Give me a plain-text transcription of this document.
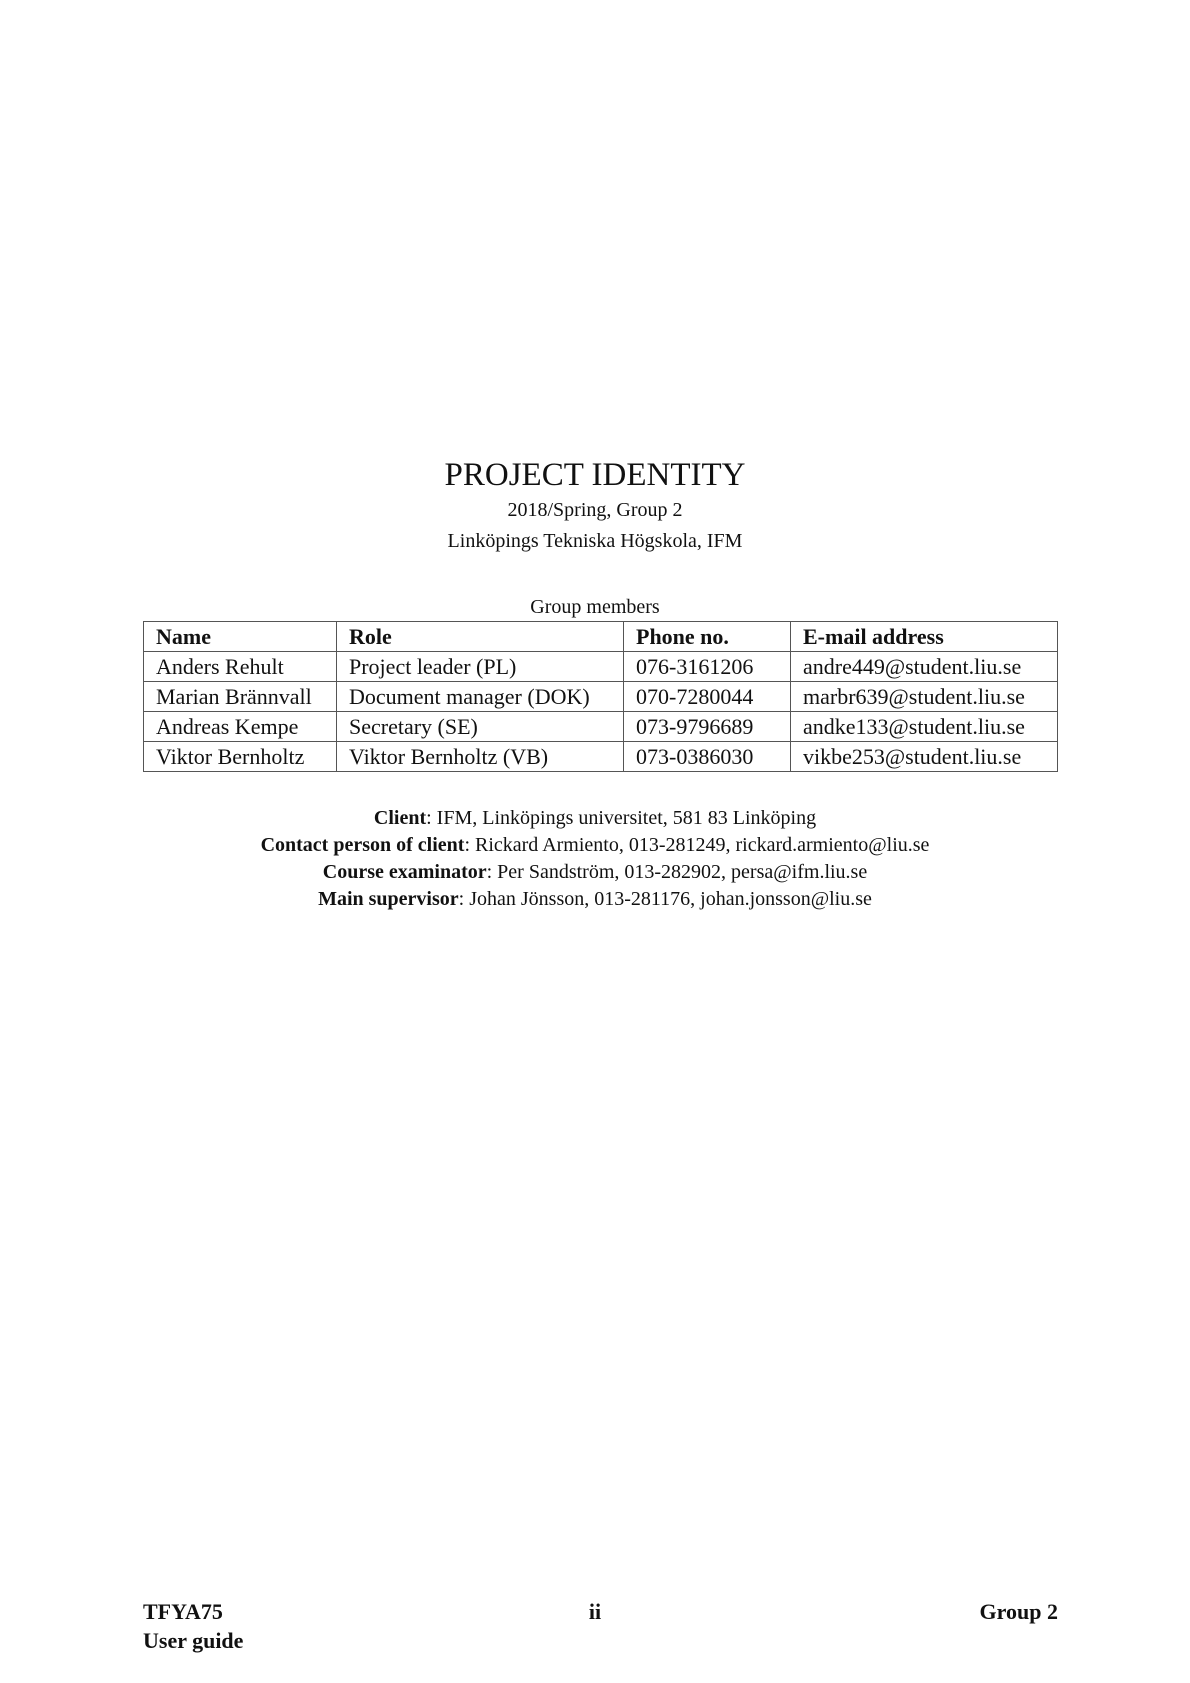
PROJECT IDENTITY
2018/Spring, Group 2
Linköpings Tekniska Högskola, IFM
Group members
Name	Role	Phone no.	E-mail address
Anders Rehult	Project leader (PL)	076-3161206	andre449@student.liu.se
Marian Brännvall	Document manager (DOK)	070-7280044	marbr639@student.liu.se
Andreas Kempe	Secretary (SE)	073-9796689	andke133@student.liu.se
Viktor Bernholtz	Viktor Bernholtz (VB)	073-0386030	vikbe253@student.liu.se
Client: IFM, Linköpings universitet, 581 83 Linköping
Contact person of client: Rickard Armiento, 013-281249, rickard.armiento@liu.se
Course examinator: Per Sandström, 013-282902, persa@ifm.liu.se
Main supervisor: Johan Jönsson, 013-281176, johan.jonsson@liu.se
TFYA75
User guide
ii	Group 2
